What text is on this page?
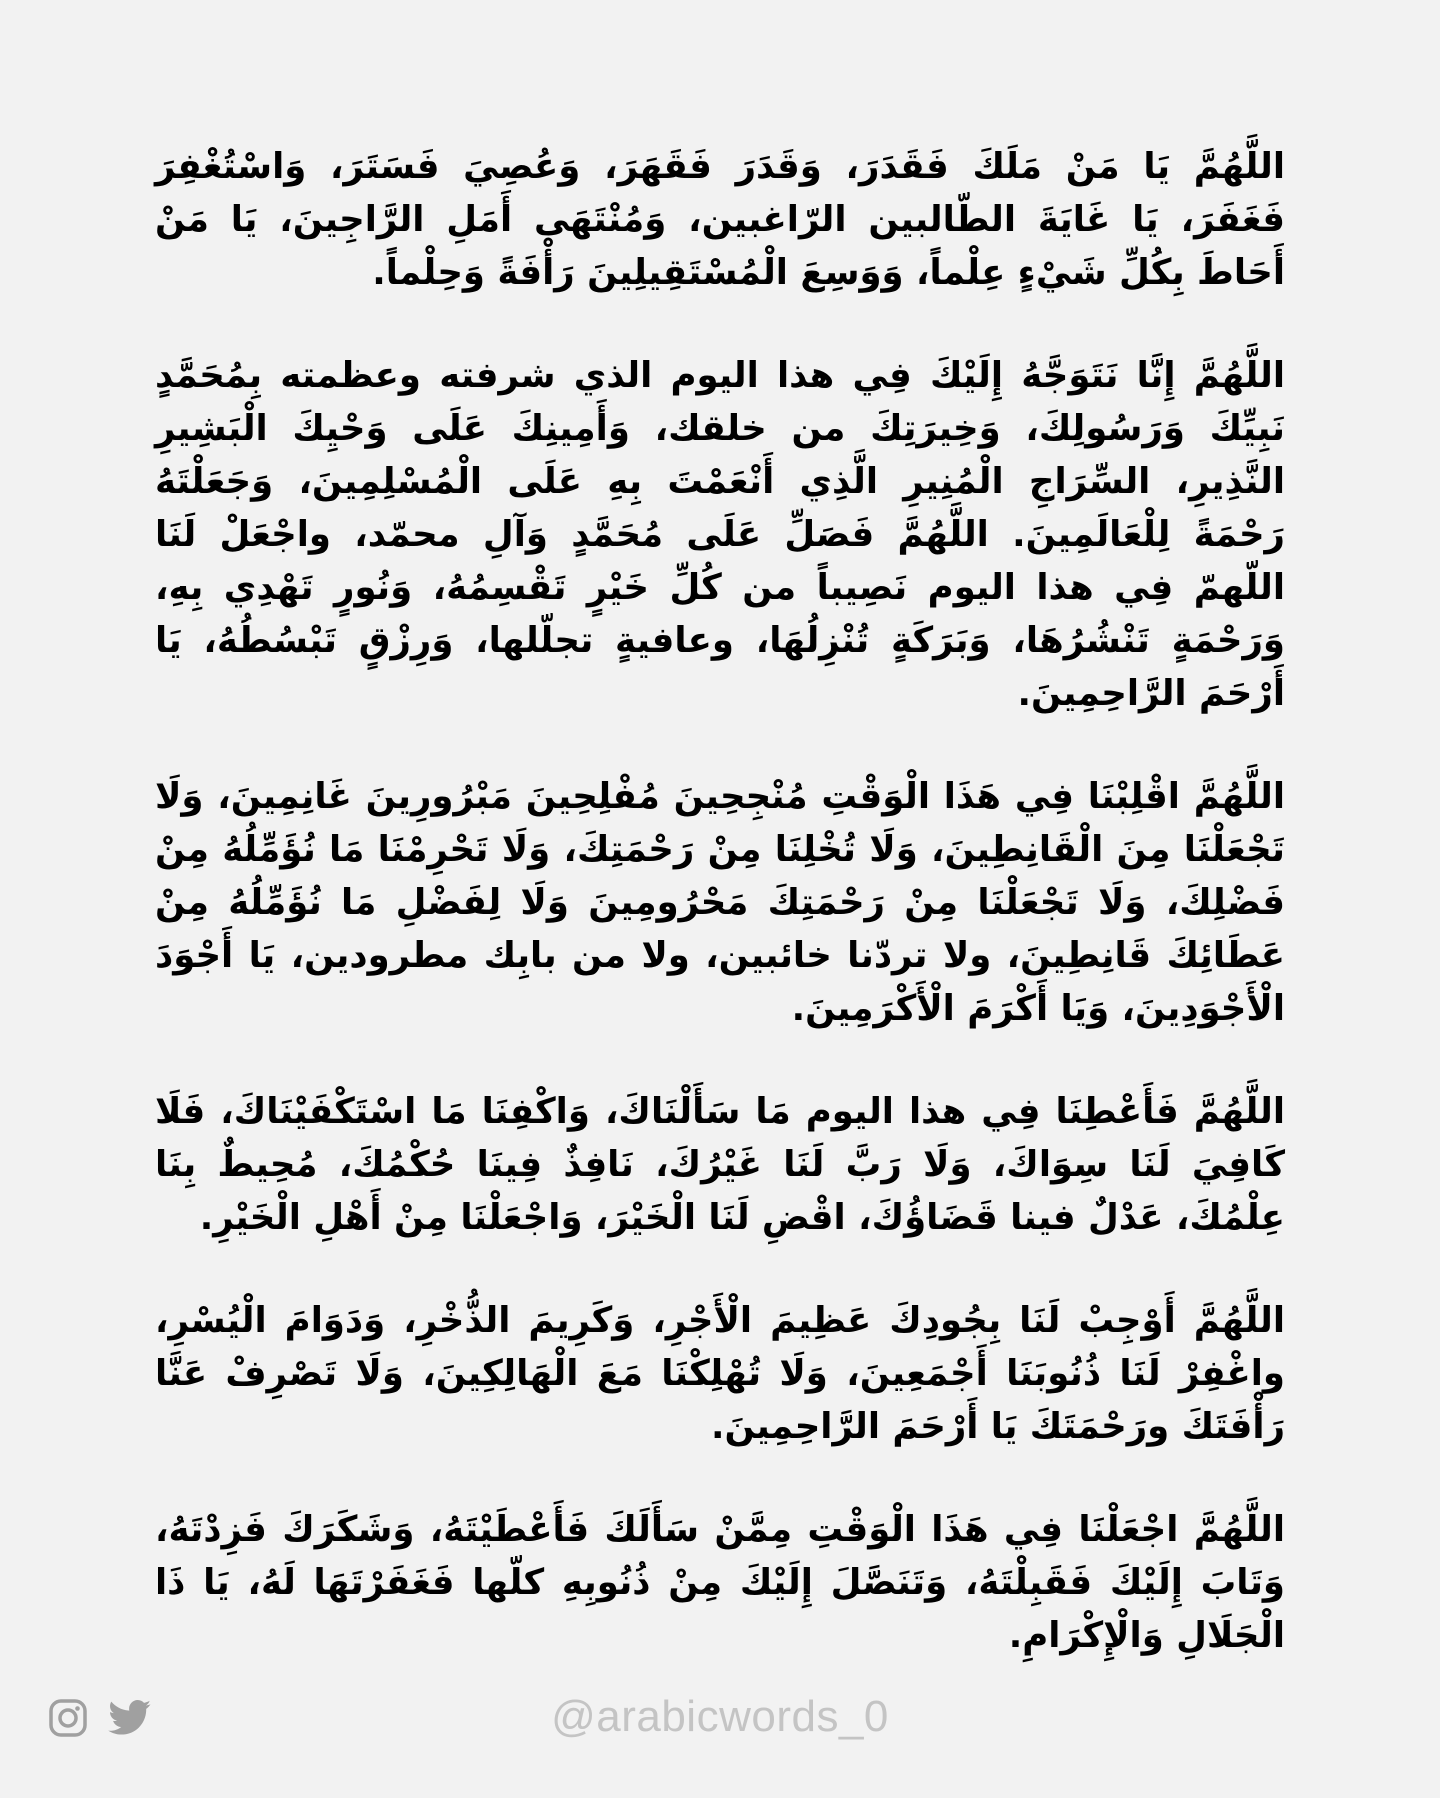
اللَّهُمَّ يَا مَنْ مَلَكَ فَقَدَرَ، وَقَدَرَ فَقَهَرَ، وَعُصِيَ فَسَتَرَ، وَاسْتُغْفِرَ فَغَفَرَ، يَا غَايَةَ الطّالبين الرّاغبين، وَمُنْتَهَى أَمَلِ الرَّاجِينَ، يَا مَنْ أَحَاطَ بِكُلِّ شَيْءٍ عِلْماً، وَوَسِعَ الْمُسْتَقِيلِينَ رَأْفَةً وَحِلْماً.

اللَّهُمَّ إِنَّا نَتَوَجَّهُ إِلَيْكَ فِي هذا اليوم الذي شرفته وعظمته بِمُحَمَّدٍ نَبِيِّكَ وَرَسُولِكَ، وَخِيرَتِكَ من خلقك، وَأَمِينِكَ عَلَى وَحْيِكَ الْبَشِيرِ النَّذِيرِ، السِّرَاجِ الْمُنِيرِ الَّذِي أَنْعَمْتَ بِهِ عَلَى الْمُسْلِمِينَ، وَجَعَلْتَهُ رَحْمَةً لِلْعَالَمِينَ. اللَّهُمَّ فَصَلِّ عَلَى مُحَمَّدٍ وَآلِ محمّد، واجْعَلْ لَنَا اللّهمّ فِي هذا اليوم نَصِيباً من كُلِّ خَيْرٍ تَقْسِمُهُ، وَنُورٍ تَهْدِي بِهِ، وَرَحْمَةٍ تَنْشُرُهَا، وَبَرَكَةٍ تُنْزِلُهَا، وعافيةٍ تجلّلها، وَرِزْقٍ تَبْسُطُهُ، يَا أَرْحَمَ الرَّاحِمِينَ.

اللَّهُمَّ اقْلِبْنَا فِي هَذَا الْوَقْتِ مُنْجِحِينَ مُفْلِحِينَ مَبْرُورِينَ غَانِمِينَ، وَلَا تَجْعَلْنَا مِنَ الْقَانِطِينَ، وَلَا تُخْلِنَا مِنْ رَحْمَتِكَ، وَلَا تَحْرِمْنَا مَا نُؤَمِّلُهُ مِنْ فَضْلِكَ، وَلَا تَجْعَلْنَا مِنْ رَحْمَتِكَ مَحْرُومِينَ وَلَا لِفَضْلِ مَا نُؤَمِّلُهُ مِنْ عَطَائِكَ قَانِطِينَ، ولا تردّنا خائبين، ولا من بابِك مطرودين، يَا أَجْوَدَ الْأَجْوَدِينَ، وَيَا أَكْرَمَ الْأَكْرَمِينَ.

اللَّهُمَّ فَأَعْطِنَا فِي هذا اليوم مَا سَأَلْنَاكَ، وَاكْفِنَا مَا اسْتَكْفَيْنَاكَ، فَلَا كَافِيَ لَنَا سِوَاكَ، وَلَا رَبَّ لَنَا غَيْرُكَ، نَافِذٌ فِينَا حُكْمُكَ، مُحِيطٌ بِنَا عِلْمُكَ، عَدْلٌ فينا قَضَاؤُكَ، اقْضِ لَنَا الْخَيْرَ، وَاجْعَلْنَا مِنْ أَهْلِ الْخَيْرِ.

اللَّهُمَّ أَوْجِبْ لَنَا بِجُودِكَ عَظِيمَ الْأَجْرِ، وَكَرِيمَ الذُّخْرِ، وَدَوَامَ الْيُسْرِ، واغْفِرْ لَنَا ذُنُوبَنَا أَجْمَعِينَ، وَلَا تُهْلِكْنَا مَعَ الْهَالِكِينَ، وَلَا تَصْرِفْ عَنَّا رَأْفَتَكَ ورَحْمَتَكَ يَا أَرْحَمَ الرَّاحِمِينَ.

اللَّهُمَّ اجْعَلْنَا فِي هَذَا الْوَقْتِ مِمَّنْ سَأَلَكَ فَأَعْطَيْتَهُ، وَشَكَرَكَ فَزِدْتَهُ، وَتَابَ إِلَيْكَ فَقَبِلْتَهُ، وَتَنَصَّلَ إِلَيْكَ مِنْ ذُنُوبِهِ كلّها فَغَفَرْتَهَا لَهُ، يَا ذَا الْجَلَالِ وَالْإِكْرَامِ.

@arabicwords_0
